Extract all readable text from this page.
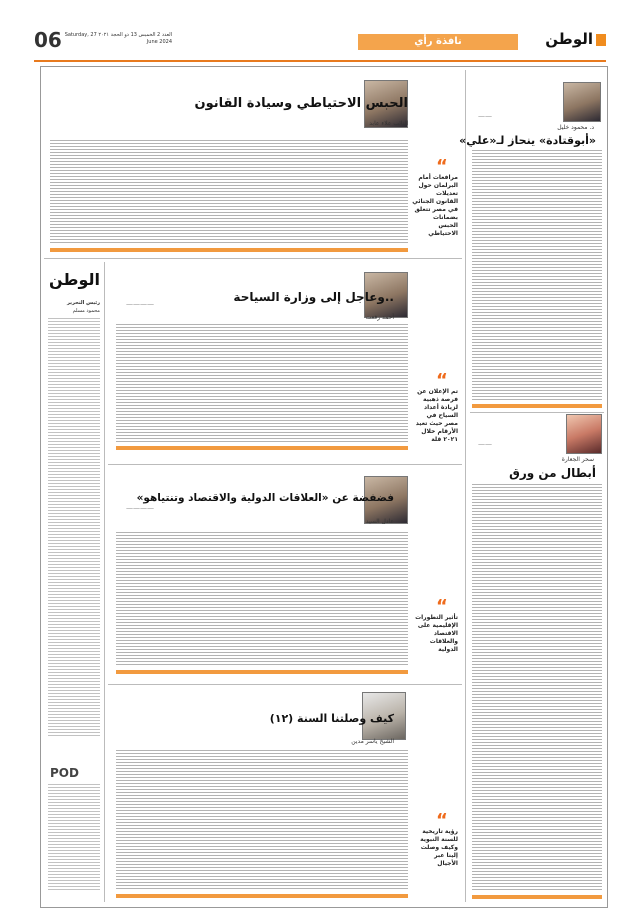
الوطن
نافذة رأي
06 العدد 2 الخميس 13 ذو الحجة ٢٠٢١ Saturday, 27 June 2024
——
د. محمود خليل
«أبوقتادة» ينحاز لـ«علي»
——
سحر الجعارة
أبطال من ورق
الحبس الاحتياطي وسيادة القانون
النائب علاء عابد
“
مرافعات أمام البرلمان حول تعديلات القانون الجنائي في مصر تتعلق بضمانات الحبس الاحتياطي
الوطن
رئيس التحرير
محمود مسلم
POD
..وعاجل إلى وزارة السياحة
————
أحمد رفعت
“
تم الإعلان عن فرصة ذهبية لزيادة أعداد السياح في مصر حيث تعيد الأرقام خلال ٢٠٢١ قلة
فضفضة عن «العلاقات الدولية والاقتصاد وتنتياهو»
————
عادل السيد
“
تأثير التطورات الإقليمية على الاقتصاد والعلاقات الدولية
كيف وصلتنا السنة (١٢)
الشيخ ياسر مدين
“
رؤية تاريخية للسنة النبوية وكيف وصلت إلينا عبر الأجيال
